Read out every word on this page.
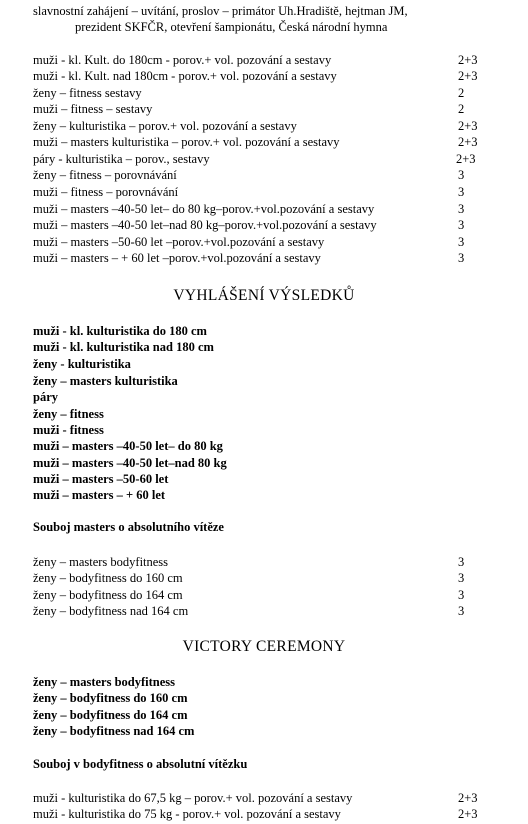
slavnostní zahájení – uvítání, proslov – primátor Uh.Hradiště, hejtman JM,
prezident SKFČR, otevření šampionátu, Česká národní hymna
muži - kl. Kult. do 180cm - porov.+ vol. pozování a sestavy	2+3
muži - kl. Kult. nad 180cm - porov.+ vol. pozování a sestavy	2+3
ženy – fitness sestavy	2
muži – fitness – sestavy	2
ženy – kulturistika – porov.+ vol. pozování a sestavy	2+3
muži – masters kulturistika – porov.+ vol. pozování a sestavy	2+3
páry - kulturistika – porov., sestavy	2+3
ženy – fitness – porovnávání	3
muži – fitness – porovnávání	3
muži – masters –40-50 let– do 80 kg–porov.+vol.pozování a sestavy	3
muži – masters –40-50 let–nad 80 kg–porov.+vol.pozování a sestavy	3
muži – masters –50-60 let –porov.+vol.pozování a sestavy	3
muži – masters – + 60 let –porov.+vol.pozování a sestavy	3
VYHLÁŠENÍ VÝSLEDKŮ
muži - kl. kulturistika do 180 cm
muži - kl. kulturistika nad 180 cm
ženy - kulturistika
ženy – masters kulturistika
páry
ženy – fitness
muži - fitness
muži – masters –40-50 let– do 80 kg
muži – masters –40-50 let–nad 80 kg
muži – masters –50-60 let
muži – masters – + 60 let
Souboj masters o absolutního vítěze
ženy – masters bodyfitness	3
ženy – bodyfitness do 160 cm	3
ženy – bodyfitness do 164 cm	3
ženy – bodyfitness nad 164 cm	3
VICTORY CEREMONY
ženy – masters bodyfitness
ženy – bodyfitness do 160 cm
ženy – bodyfitness do 164 cm
ženy – bodyfitness nad 164 cm
Souboj v bodyfitness o absolutní vítězku
muži - kulturistika do 67,5 kg – porov.+ vol. pozování a sestavy	2+3
muži - kulturistika do 75 kg - porov.+ vol. pozování a sestavy	2+3
